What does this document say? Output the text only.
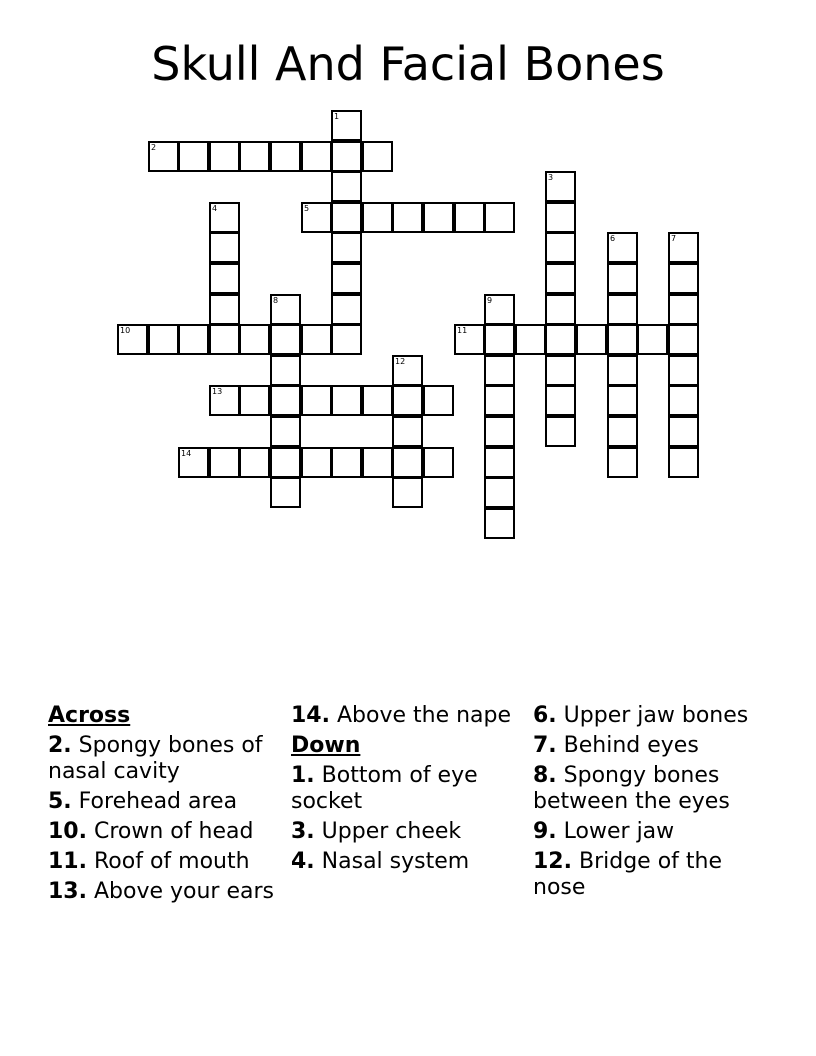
Skull And Facial Bones
1
2
3
4	5
6	7
8	9
10	11
12
13
14
Across
2. Spongy bones of nasal cavity
5. Forehead area
10. Crown of head
11. Roof of mouth
13. Above your ears
14. Above the nape
Down
1. Bottom of eye socket
3. Upper cheek
4. Nasal system
6. Upper jaw bones
7. Behind eyes
8. Spongy bones between the eyes
9. Lower jaw
12. Bridge of the nose
